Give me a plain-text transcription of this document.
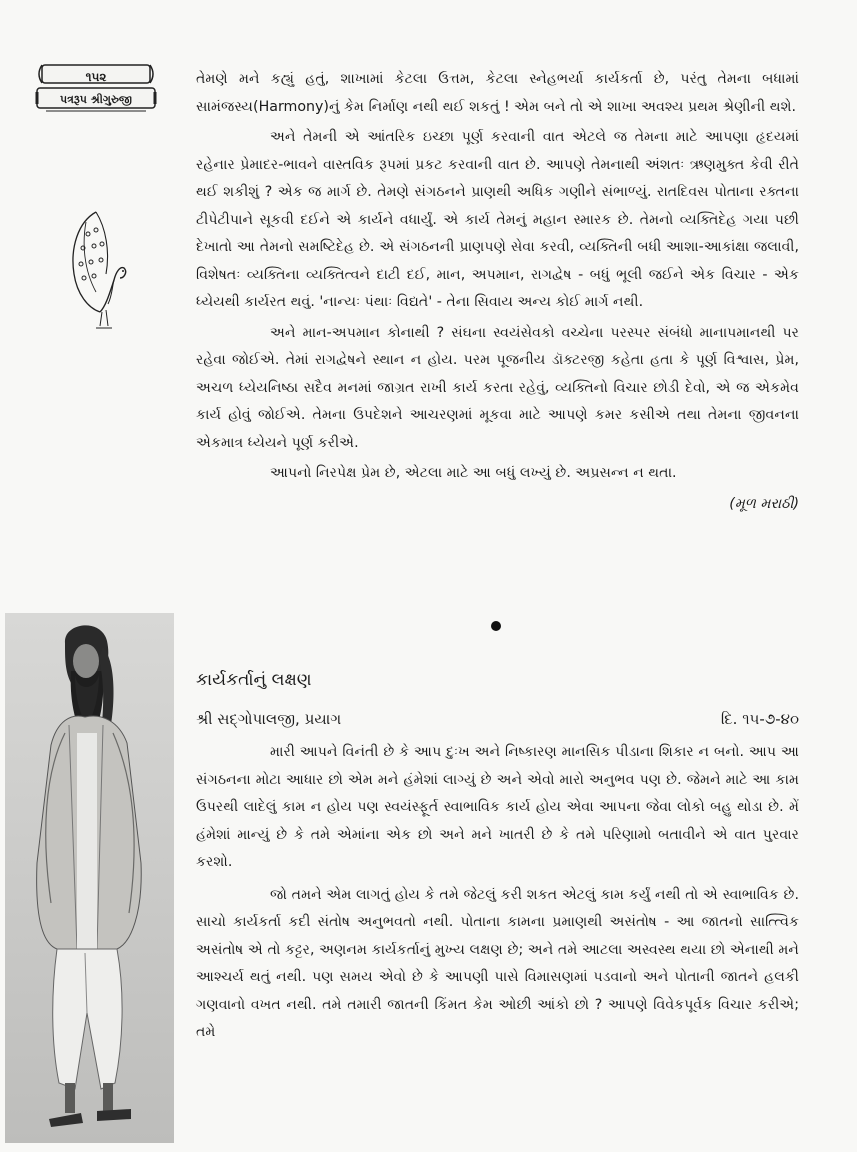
૧૫૨
પત્રરૂપ શ્રીગુરુજી

તેમણે મને કહ્યું હતું, શાખામાં કેટલા ઉત્તમ, કેટલા સ્નેહભર્યા કાર્યકર્તા છે, પરંતુ તેમના બધામાં સામંજસ્ય(Harmony)નું કેમ નિર્માણ નથી થઈ શકતું ! એમ બને તો એ શાખા અવશ્ય પ્રથમ શ્રેણીની થશે.

અને તેમની એ આંતરિક ઇચ્છા પૂર્ણ કરવાની વાત એટલે જ તેમના માટે આપણા હૃદયમાં રહેનાર પ્રેમાદર-ભાવને વાસ્તવિક રૂપમાં પ્રકટ કરવાની વાત છે. આપણે તેમનાથી અંશતઃ ઋણમુક્ત કેવી રીતે થઈ શકીશું ? એક જ માર્ગ છે. તેમણે સંગઠનને પ્રાણથી અધિક ગણીને સંભાળ્યું. રાતદિવસ પોતાના રક્તના ટીપેટીપાને સૂકવી દઈને એ કાર્યને વધાર્યું. એ કાર્ય તેમનું મહાન સ્મારક છે. તેમનો વ્યક્તિદેહ ગયા પછી દેખાતો આ તેમનો સમષ્ટિદેહ છે. એ સંગઠનની પ્રાણપણે સેવા કરવી, વ્યક્તિની બધી આશા-આકાંક્ષા જલાવી, વિશેષતઃ વ્યક્તિના વ્યક્તિત્વને દાટી દઈ, માન, અપમાન, રાગદ્વેષ - બધું ભૂલી જઈને એક વિચાર - એક ધ્યેયથી કાર્યરત થવું. 'નાન્યઃ પંથાઃ વિદ્યતે' - તેના સિવાય અન્ય કોઈ માર્ગ નથી.

અને માન-અપમાન કોનાથી ? સંઘના સ્વયંસેવકો વચ્ચેના પરસ્પર સંબંધો માનાપમાનથી પર રહેવા જોઈએ. તેમાં રાગદ્વેષને સ્થાન ન હોય. પરમ પૂજનીય ડૉક્ટરજી કહેતા હતા કે પૂર્ણ વિશ્વાસ, પ્રેમ, અચળ ધ્યેયનિષ્ઠા સદૈવ મનમાં જાગ્રત રાખી કાર્ય કરતા રહેવું, વ્યક્તિનો વિચાર છોડી દેવો, એ જ એકમેવ કાર્ય હોવું જોઈએ. તેમના ઉપદેશને આચરણમાં મૂકવા માટે આપણે કમર કસીએ તથા તેમના જીવનના એકમાત્ર ધ્યેયને પૂર્ણ કરીએ.

આપનો નિરપેક્ષ પ્રેમ છે, એટલા માટે આ બધું લખ્યું છે. અપ્રસન્ન ન થતા.

(મૂળ મરાઠી)

કાર્યકર્તાનું લક્ષણ
શ્રી સદ્‌ગોપાલજી, પ્રયાગ	દિ. ૧૫-૭-૪૦

મારી આપને વિનંતી છે કે આપ દુઃખ અને નિષ્કારણ માનસિક પીડાના શિકાર ન બનો. આપ આ સંગઠનના મોટા આધાર છો એમ મને હંમેશાં લાગ્યું છે અને એવો મારો અનુભવ પણ છે. જેમને માટે આ કામ ઉપરથી લાદેલું કામ ન હોય પણ સ્વયંસ્ફૂર્ત સ્વાભાવિક કાર્ય હોય એવા આપના જેવા લોકો બહુ થોડા છે. મેં હંમેશાં માન્યું છે કે તમે એમાંના એક છો અને મને ખાતરી છે કે તમે પરિણામો બતાવીને એ વાત પુરવાર કરશો.

જો તમને એમ લાગતું હોય કે તમે જેટલું કરી શકત એટલું કામ કર્યું નથી તો એ સ્વાભાવિક છે. સાચો કાર્યકર્તા કદી સંતોષ અનુભવતો નથી. પોતાના કામના પ્રમાણથી અસંતોષ - આ જાતનો સાત્ત્વિક અસંતોષ એ તો કટ્ટર, અણનમ કાર્યકર્તાનું મુખ્ય લક્ષણ છે; અને તમે આટલા અસ્વસ્થ થયા છો એનાથી મને આશ્ચર્ય થતું નથી. પણ સમય એવો છે કે આપણી પાસે વિમાસણમાં પડવાનો અને પોતાની જાતને હલકી ગણવાનો વખત નથી. તમે તમારી જાતની કિંમત કેમ ઓછી આંકો છો ? આપણે વિવેકપૂર્વક વિચાર કરીએ; તમે
